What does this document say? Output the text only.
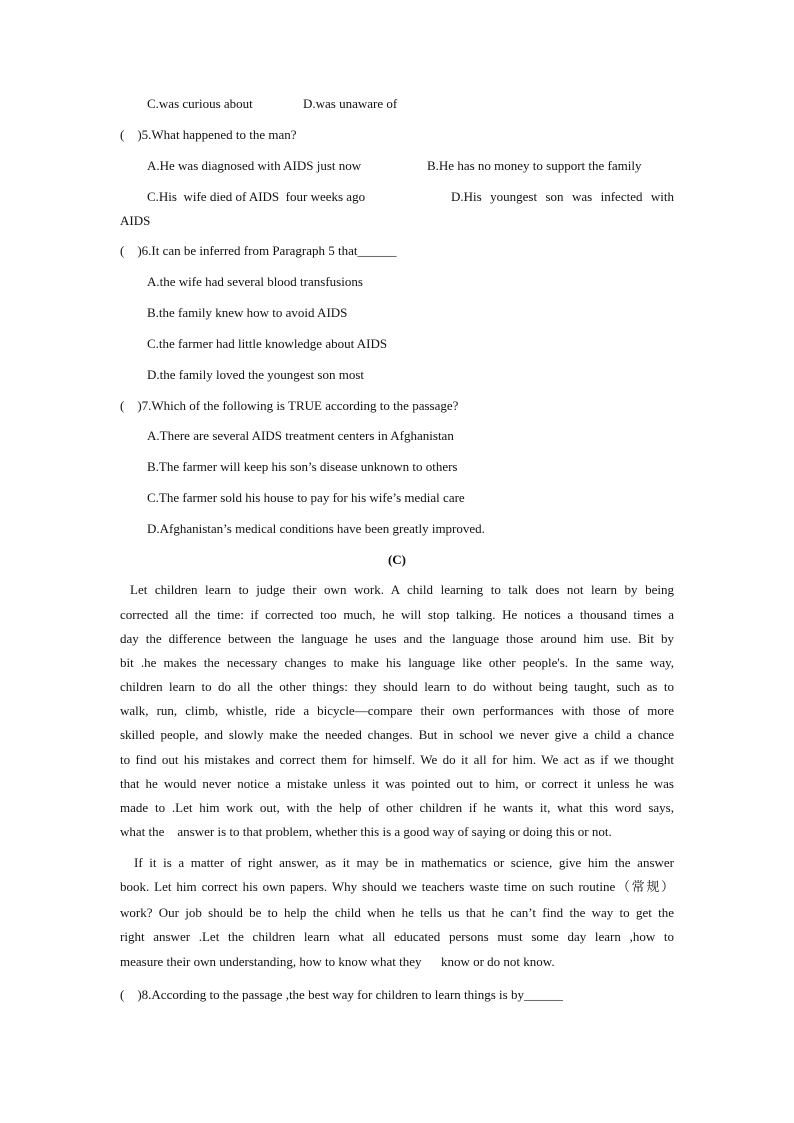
C.was curious about	D.was unaware of
(    )5.What happened to the man?
A.He was diagnosed with AIDS just now	B.He has no money to support the family
C.His  wife died of AIDS  four weeks ago	D.His youngest son was infected with
AIDS
(    )6.It can be inferred from Paragraph 5 that______
A.the wife had several blood transfusions
B.the family knew how to avoid AIDS
C.the farmer had little knowledge about AIDS
D.the family loved the youngest son most
(    )7.Which of the following is TRUE according to the passage?
A.There are several AIDS treatment centers in Afghanistan
B.The farmer will keep his son’s disease unknown to others
C.The farmer sold his house to pay for his wife’s medial care
D.Afghanistan’s medical conditions have been greatly improved.
(C)
Let children learn to judge their own work. A child learning to talk does not learn by being
corrected all the time: if corrected too much, he will stop talking. He notices a thousand times a
day the difference between the language he uses and the language those around him use. Bit by
bit .he makes the necessary changes to make his language like other people's. In the same way,
children learn to do all the other things: they should learn to do without being taught, such as to
walk, run, climb, whistle, ride a bicycle—compare their own performances with those of more
skilled people, and slowly make the needed changes. But in school we never give a child a chance
to find out his mistakes and correct them for himself. We do it all for him. We act as if we thought
that he would never notice a mistake unless it was pointed out to him, or correct it unless he was
made to .Let him work out, with the help of other children if he wants it, what this word says,
what the    answer is to that problem, whether this is a good way of saying or doing this or not.
If it is a matter of right answer, as it may be in mathematics or science, give him the answer
book. Let him correct his own papers. Why should we teachers waste time on such routine（常规）
work? Our job should be to help the child when he tells us that he can’t find the way to get the
right answer .Let the children learn what all educated persons must some day learn ,how to
measure their own understanding, how to know what they      know or do not know.
(    )8.According to the passage ,the best way for children to learn things is by______
